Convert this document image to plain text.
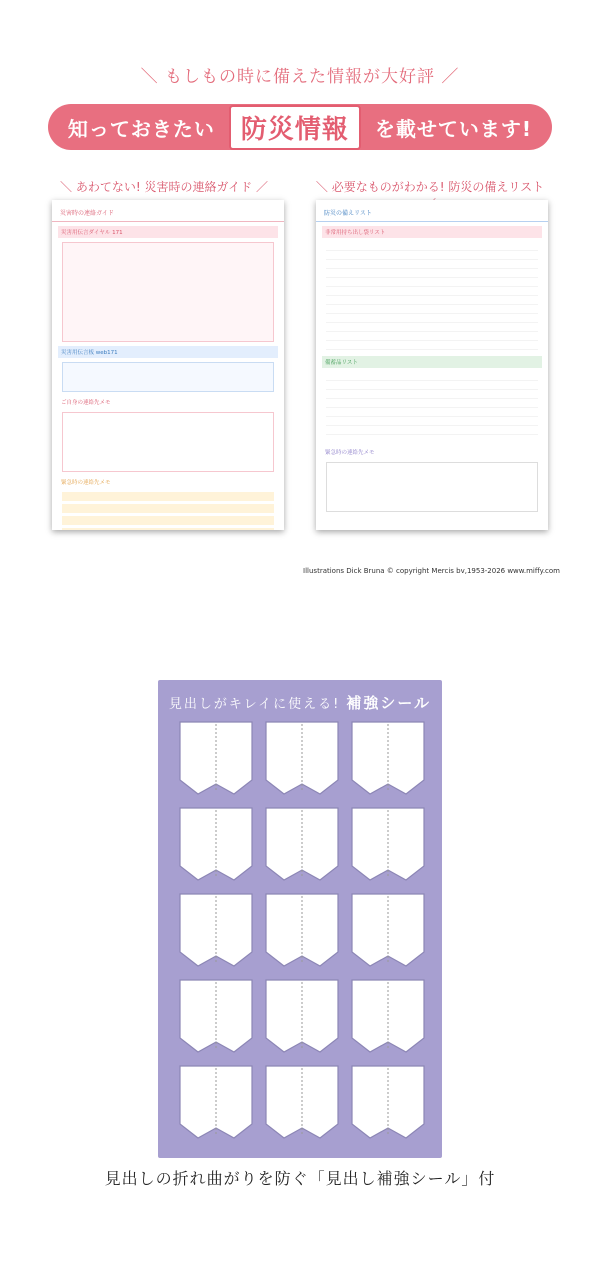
＼ もしもの時に備えた情報が大好評 ／
知っておきたい	防災情報	を載せています!
＼ あわてない! 災害時の連絡ガイド ／	＼ 必要なものがわかる! 防災の備えリスト
災害時の連絡ガイド
災害用伝言ダイヤル 171
災害用伝言板 web171
ご自身の連絡先メモ
緊急時の連絡先メモ
防災の備えリスト
非常用持ち出し袋リスト
備蓄品リスト
緊急時の連絡先メモ
Illustrations Dick Bruna © copyright Mercis bv,1953-2026 www.miffy.com
見出しがキレイに使える! 補強シール
見出しの折れ曲がりを防ぐ「見出し補強シール」付
